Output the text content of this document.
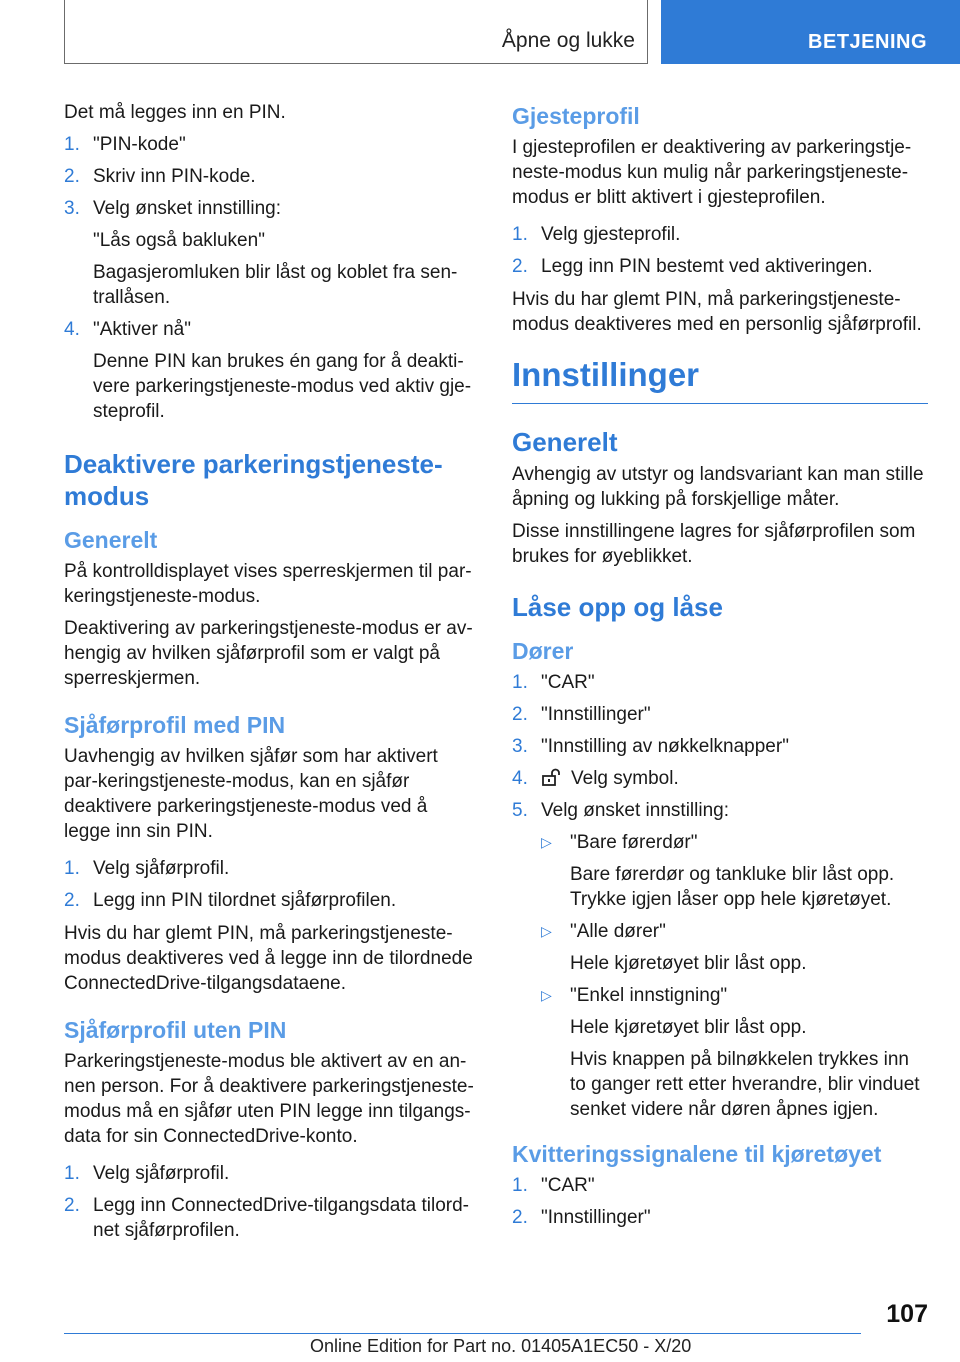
Åpne og lukke	BETJENING

Det må legges inn en PIN.

1. "PIN-kode"
2. Skriv inn PIN-kode.
3. Velg ønsket innstilling:
"Lås også bakluken"
Bagasjeromluken blir låst og koblet fra sen-trallåsen.
4. "Aktiver nå"
Denne PIN kan brukes én gang for å deakti-vere parkeringstjeneste-modus ved aktiv gje-steprofil.
Deaktivere parkeringstjeneste-modus
Generelt

På kontrolldisplayet vises sperreskjermen til par-keringstjeneste-modus.

Deaktivering av parkeringstjeneste-modus er av-hengig av hvilken sjåførprofil som er valgt på sperreskjermen.

Sjåførprofil med PIN

Uavhengig av hvilken sjåfør som har aktivert par-keringstjeneste-modus, kan en sjåfør deaktivere parkeringstjeneste-modus ved å legge inn sin PIN.

1. Velg sjåførprofil.
2. Legg inn PIN tilordnet sjåførprofilen.

Hvis du har glemt PIN, må parkeringstjeneste-modus deaktiveres ved å legge inn de tilordnede ConnectedDrive-tilgangsdataene.

Sjåførprofil uten PIN

Parkeringstjeneste-modus ble aktivert av en an-nen person. For å deaktivere parkeringstjeneste-modus må en sjåfør uten PIN legge inn tilgangs-data for sin ConnectedDrive-konto.

1. Velg sjåførprofil.
2. Legg inn ConnectedDrive-tilgangsdata tilord-net sjåførprofilen.
Gjesteprofil

I gjesteprofilen er deaktivering av parkeringstje-neste-modus kun mulig når parkeringstjeneste-modus er blitt aktivert i gjesteprofilen.

1. Velg gjesteprofil.
2. Legg inn PIN bestemt ved aktiveringen.

Hvis du har glemt PIN, må parkeringstjeneste-modus deaktiveres med en personlig sjåførprofil.

Innstillinger
Generelt

Avhengig av utstyr og landsvariant kan man stille åpning og lukking på forskjellige måter.

Disse innstillingene lagres for sjåførprofilen som brukes for øyeblikket.

Låse opp og låse
Dører
1. "CAR"
2. "Innstillinger"
3. "Innstilling av nøkkelknapper"
4. Velg symbol.
5. Velg ønsket innstilling:
▷ "Bare førerdør"
Bare førerdør og tankluke blir låst opp. Trykke igjen låser opp hele kjøretøyet.
▷ "Alle dører"
Hele kjøretøyet blir låst opp.
▷ "Enkel innstigning"
Hele kjøretøyet blir låst opp.
Hvis knappen på bilnøkkelen trykkes inn to ganger rett etter hverandre, blir vinduet senket videre når døren åpnes igjen.
Kvitteringssignalene til kjøretøyet
1. "CAR"
2. "Innstillinger"
107
Online Edition for Part no. 01405A1EC50 - X/20
